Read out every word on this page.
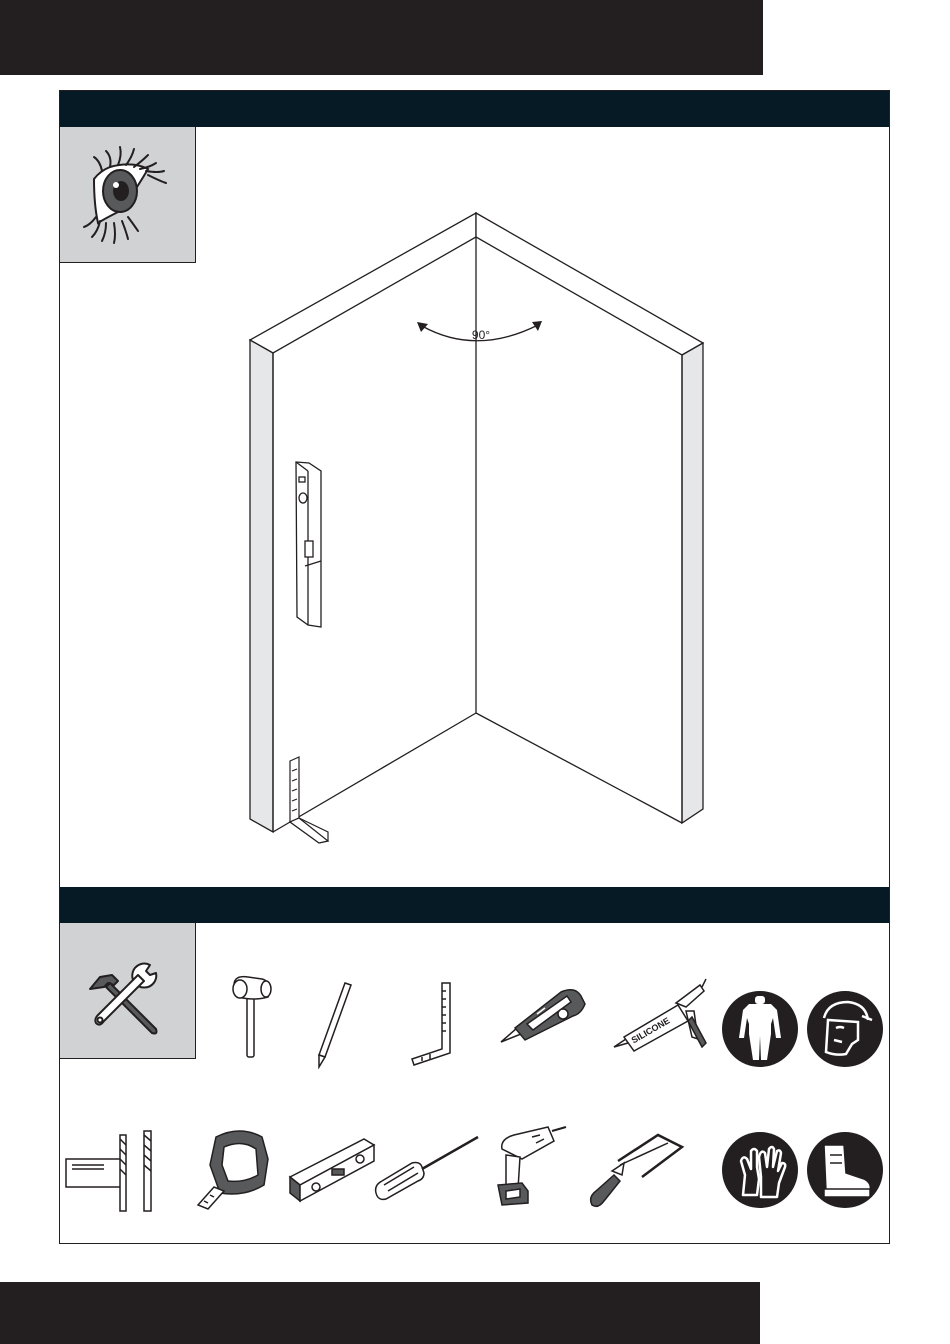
90°
SILICONE
